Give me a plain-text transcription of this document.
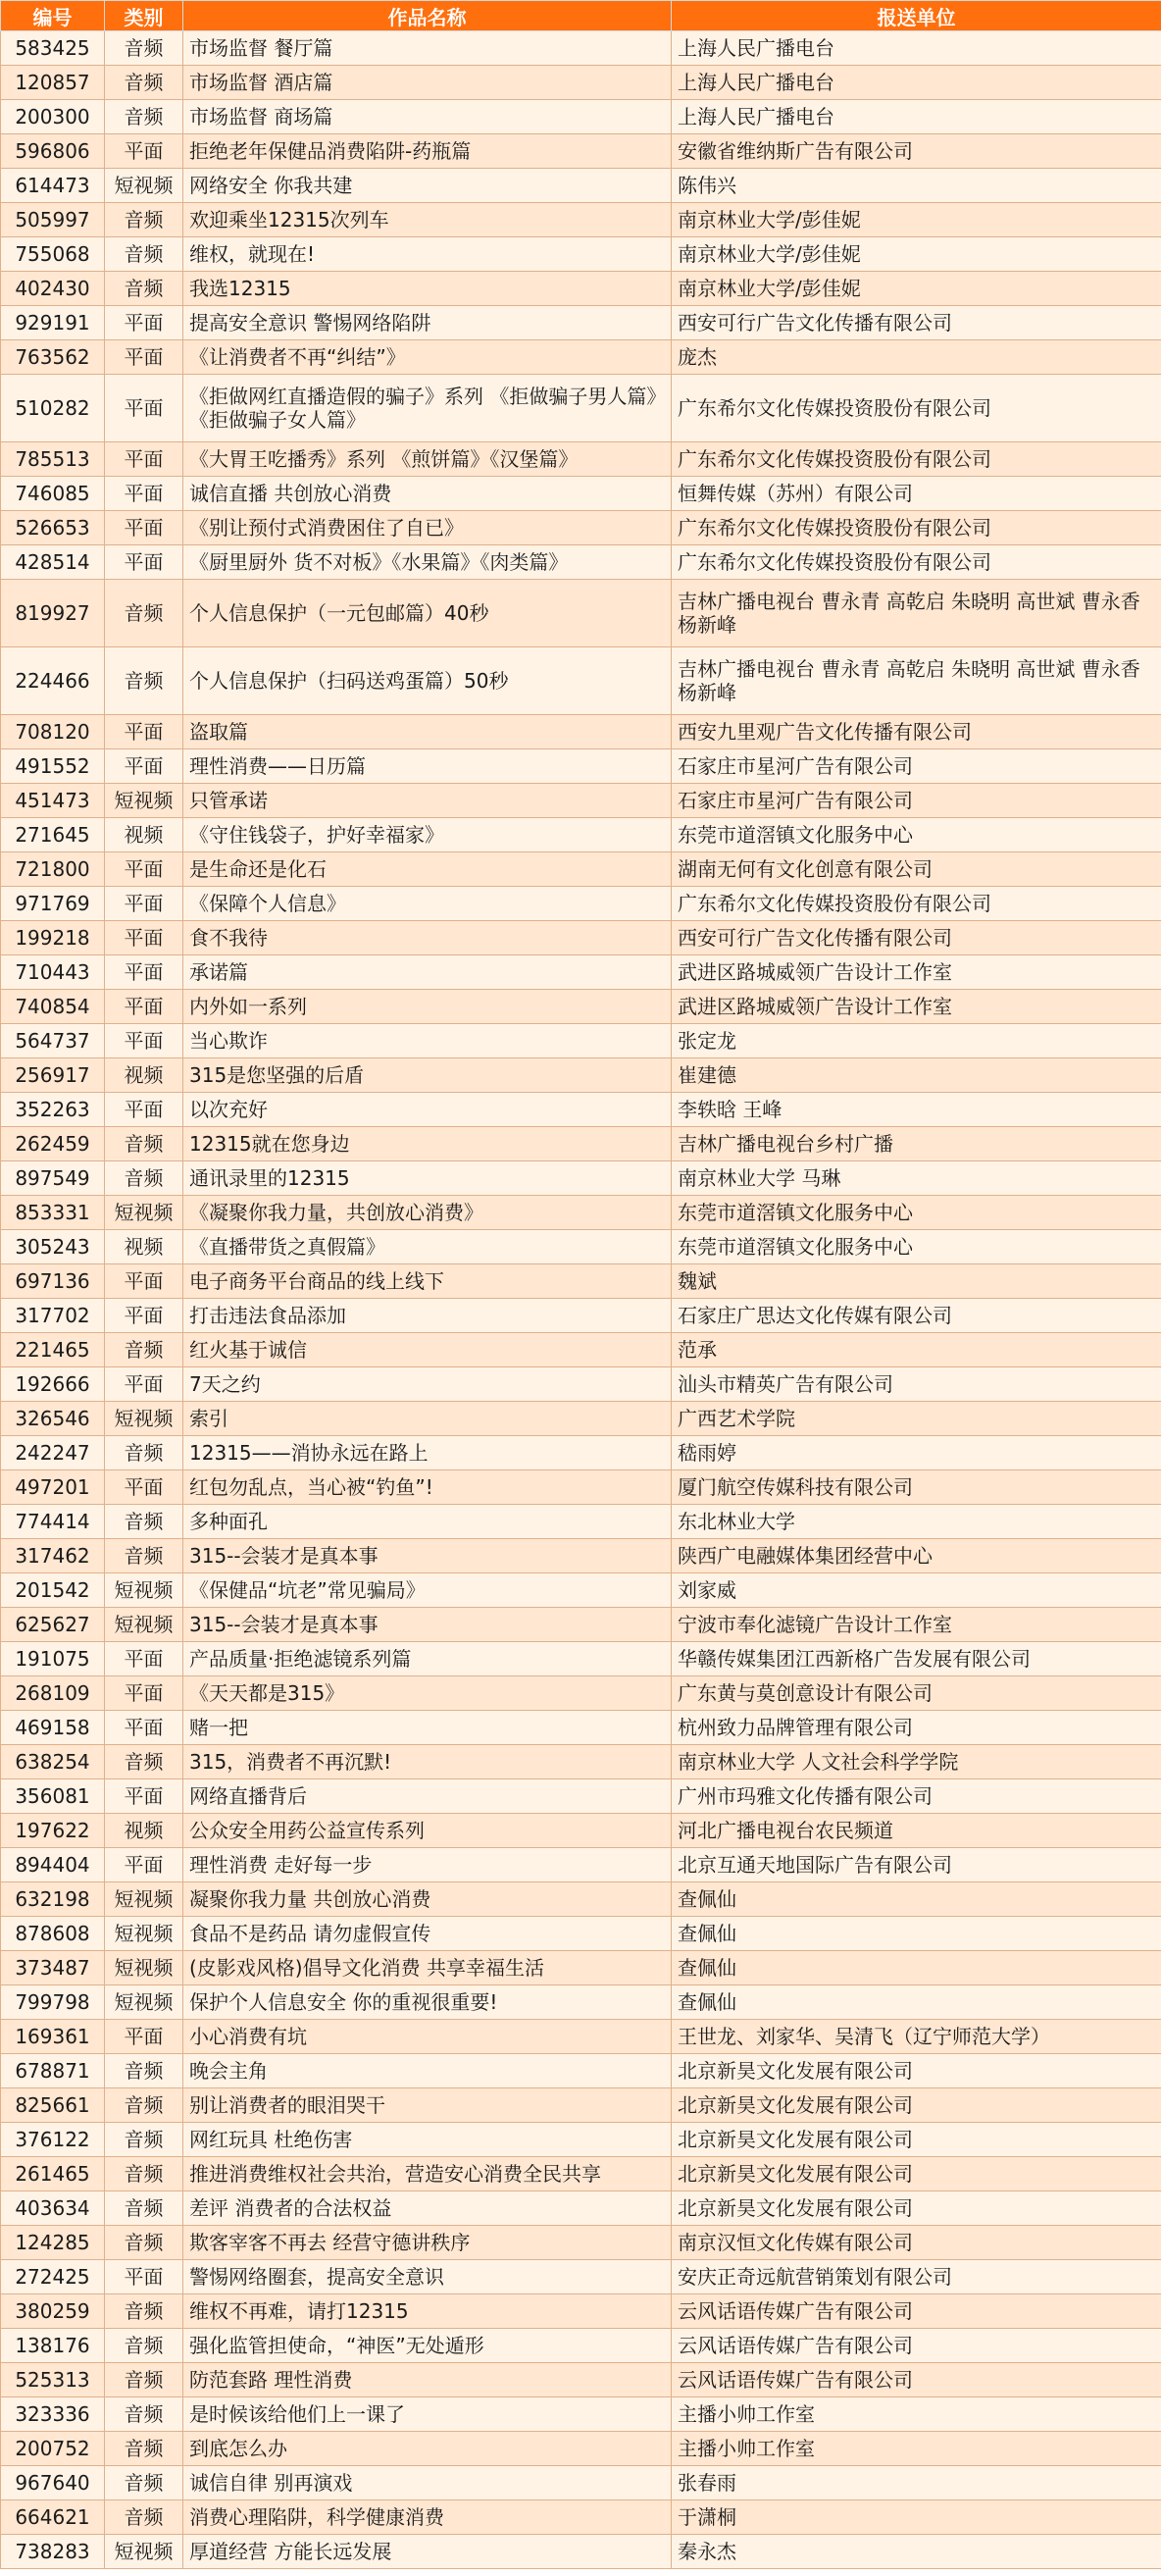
编号	类别	作品名称	报送单位
583425	音频	市场监督 餐厅篇	上海人民广播电台
120857	音频	市场监督 酒店篇	上海人民广播电台
200300	音频	市场监督 商场篇	上海人民广播电台
596806	平面	拒绝老年保健品消费陷阱-药瓶篇	安徽省维纳斯广告有限公司
614473	短视频	网络安全 你我共建	陈伟兴
505997	音频	欢迎乘坐12315次列车	南京林业大学/彭佳妮
755068	音频	维权，就现在!	南京林业大学/彭佳妮
402430	音频	我选12315	南京林业大学/彭佳妮
929191	平面	提高安全意识 警惕网络陷阱	西安可行广告文化传播有限公司
763562	平面	《让消费者不再“纠结”》	庞杰
510282	平面	《拒做网红直播造假的骗子》系列 《拒做骗子男人篇》《拒做骗子女人篇》	广东希尔文化传媒投资股份有限公司
785513	平面	《大胃王吃播秀》系列 《煎饼篇》《汉堡篇》	广东希尔文化传媒投资股份有限公司
746085	平面	诚信直播 共创放心消费	恒舞传媒（苏州）有限公司
526653	平面	《别让预付式消费困住了自已》	广东希尔文化传媒投资股份有限公司
428514	平面	《厨里厨外 货不对板》《水果篇》《肉类篇》	广东希尔文化传媒投资股份有限公司
819927	音频	个人信息保护（一元包邮篇）40秒	吉林广播电视台 曹永青 高乾启 朱晓明 高世斌 曹永香 杨新峰
224466	音频	个人信息保护（扫码送鸡蛋篇）50秒	吉林广播电视台 曹永青 高乾启 朱晓明 高世斌 曹永香 杨新峰
708120	平面	盗取篇	西安九里观广告文化传播有限公司
491552	平面	理性消费——日历篇	石家庄市星河广告有限公司
451473	短视频	只管承诺	石家庄市星河广告有限公司
271645	视频	《守住钱袋子，护好幸福家》	东莞市道滘镇文化服务中心
721800	平面	是生命还是化石	湖南无何有文化创意有限公司
971769	平面	《保障个人信息》	广东希尔文化传媒投资股份有限公司
199218	平面	食不我待	西安可行广告文化传播有限公司
710443	平面	承诺篇	武进区路城威领广告设计工作室
740854	平面	内外如一系列	武进区路城威领广告设计工作室
564737	平面	当心欺诈	张定龙
256917	视频	315是您坚强的后盾	崔建德
352263	平面	以次充好	李轶晗 王峰
262459	音频	12315就在您身边	吉林广播电视台乡村广播
897549	音频	通讯录里的12315	南京林业大学 马琳
853331	短视频	《凝聚你我力量，共创放心消费》	东莞市道滘镇文化服务中心
305243	视频	《直播带货之真假篇》	东莞市道滘镇文化服务中心
697136	平面	电子商务平台商品的线上线下	魏斌
317702	平面	打击违法食品添加	石家庄广思达文化传媒有限公司
221465	音频	红火基于诚信	范承
192666	平面	7天之约	汕头市精英广告有限公司
326546	短视频	索引	广西艺术学院
242247	音频	12315——消协永远在路上	嵇雨婷
497201	平面	红包勿乱点，当心被“钓鱼”!	厦门航空传媒科技有限公司
774414	音频	多种面孔	东北林业大学
317462	音频	315--会装才是真本事	陕西广电融媒体集团经营中心
201542	短视频	《保健品“坑老”常见骗局》	刘家威
625627	短视频	315--会装才是真本事	宁波市奉化滤镜广告设计工作室
191075	平面	产品质量·拒绝滤镜系列篇	华赣传媒集团江西新格广告发展有限公司
268109	平面	《天天都是315》	广东黄与莫创意设计有限公司
469158	平面	赌一把	杭州致力品牌管理有限公司
638254	音频	315，消费者不再沉默!	南京林业大学 人文社会科学学院
356081	平面	网络直播背后	广州市玛雅文化传播有限公司
197622	视频	公众安全用药公益宣传系列	河北广播电视台农民频道
894404	平面	理性消费 走好每一步	北京互通天地国际广告有限公司
632198	短视频	凝聚你我力量 共创放心消费	查佩仙
878608	短视频	食品不是药品 请勿虚假宣传	查佩仙
373487	短视频	(皮影戏风格)倡导文化消费 共享幸福生活	查佩仙
799798	短视频	保护个人信息安全 你的重视很重要!	查佩仙
169361	平面	小心消费有坑	王世龙、刘家华、吴清飞（辽宁师范大学）
678871	音频	晚会主角	北京新昊文化发展有限公司
825661	音频	别让消费者的眼泪哭干	北京新昊文化发展有限公司
376122	音频	网红玩具 杜绝伤害	北京新昊文化发展有限公司
261465	音频	推进消费维权社会共治，营造安心消费全民共享	北京新昊文化发展有限公司
403634	音频	差评 消费者的合法权益	北京新昊文化发展有限公司
124285	音频	欺客宰客不再去 经营守德讲秩序	南京汉恒文化传媒有限公司
272425	平面	警惕网络圈套，提高安全意识	安庆正奇远航营销策划有限公司
380259	音频	维权不再难，请打12315	云风话语传媒广告有限公司
138176	音频	强化监管担使命，“神医”无处遁形	云风话语传媒广告有限公司
525313	音频	防范套路 理性消费	云风话语传媒广告有限公司
323336	音频	是时候该给他们上一课了	主播小帅工作室
200752	音频	到底怎么办	主播小帅工作室
967640	音频	诚信自律 别再演戏	张春雨
664621	音频	消费心理陷阱，科学健康消费	于潇桐
738283	短视频	厚道经营 方能长远发展	秦永杰
